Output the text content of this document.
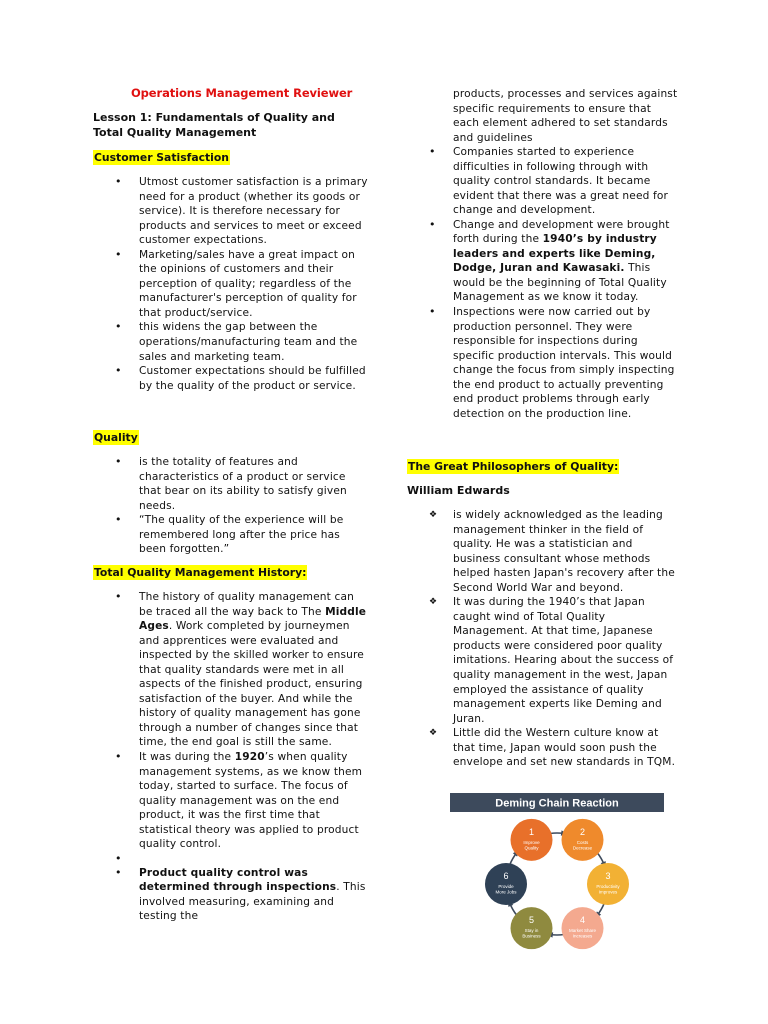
Operations Management Reviewer
Lesson 1: Fundamentals of Quality and Total Quality Management
Customer Satisfaction
• Utmost customer satisfaction is a primary need for a product (whether its goods or service). It is therefore necessary for products and services to meet or exceed customer expectations.
• Marketing/sales have a great impact on the opinions of customers and their perception of quality; regardless of the manufacturer's perception of quality for that product/service.
• this widens the gap between the operations/manufacturing team and the sales and marketing team.
• Customer expectations should be fulfilled by the quality of the product or service.
Quality
• is the totality of features and characteristics of a product or service that bear on its ability to satisfy given needs.
• “The quality of the experience will be remembered long after the price has been forgotten.”
Total Quality Management History:
• The history of quality management can be traced all the way back to The Middle Ages. Work completed by journeymen and apprentices were evaluated and inspected by the skilled worker to ensure that quality standards were met in all aspects of the finished product, ensuring satisfaction of the buyer. And while the history of quality management has gone through a number of changes since that time, the end goal is still the same.
• It was during the 1920’s when quality management systems, as we know them today, started to surface. The focus of quality management was on the end product, it was the first time that statistical theory was applied to product quality control.
•
• Product quality control was determined through inspections. This involved measuring, examining and testing the
products, processes and services against specific requirements to ensure that each element adhered to set standards and guidelines
• Companies started to experience difficulties in following through with quality control standards. It became evident that there was a great need for change and development.
• Change and development were brought forth during the 1940’s by industry leaders and experts like Deming, Dodge, Juran and Kawasaki. This would be the beginning of Total Quality Management as we know it today.
• Inspections were now carried out by production personnel. They were responsible for inspections during specific production intervals. This would change the focus from simply inspecting the end product to actually preventing end product problems through early detection on the production line.
The Great Philosophers of Quality:
William Edwards
❖ is widely acknowledged as the leading management thinker in the field of quality. He was a statistician and business consultant whose methods helped hasten Japan's recovery after the Second World War and beyond.
❖ It was during the 1940’s that Japan caught wind of Total Quality Management. At that time, Japanese products were considered poor quality imitations. Hearing about the success of quality management in the west, Japan employed the assistance of quality management experts like Deming and Juran.
❖ Little did the Western culture know at that time, Japan would soon push the envelope and set new standards in TQM.
Deming Chain Reaction
1
Improve
Quality
2
Costs
Decrease
3
Productivity
Improves
4
Market Share
Increases
5
Stay in
Business
6
Provide
More Jobs
